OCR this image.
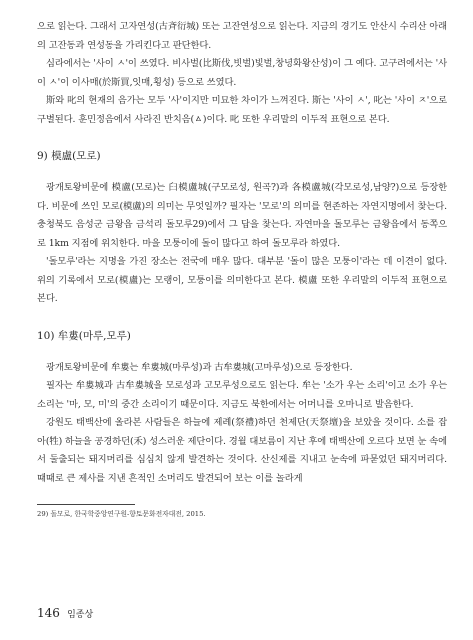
으로 읽는다. 그래서 고자연성(古斉衍城) 또는 고잔연성으로 읽는다. 지금의 경기도 안산시 수리산 아래의 고잔동과 연성동을 가리킨다고 판단한다.

심라에서는 '사이 ㅅ'이 쓰였다. 비사벌(比斯伐,빗벌)빛벌,창녕화왕산성)이 그 예다. 고구려에서는 '사이 ㅅ'이 이사매(於斯買,잇매,횡성) 등으로 쓰였다.

斯와 叱의 현재의 음가는 모두 '사'이지만 미묘한 차이가 느껴진다. 斯는 '사이 ㅅ', 叱는 '사이 ㅈ'으로 구별된다. 훈민정음에서 사라진 반치음(ㅿ)이다. 叱 또한 우리말의 이두적 표현으로 본다.

9) 模盧(모로)

광개토왕비문에 模盧(모로)는 臼模盧城(구모로성, 원곡?)과 各模盧城(각모로성,남양?)으로 등장한다. 비문에 쓰인 모로(模盧)의 의미는 무엇일까? 필자는 '모로'의 의미를 현존하는 자연지명에서 찾는다. 충청북도 음성군 금왕읍 금석리 돌모루29)에서 그 답을 찾는다. 자연마을 돌모루는 금왕읍에서 동쪽으로 1km 지점에 위치한다. 마을 모퉁이에 돌이 많다고 하여 돌모루라 하였다.

'돌모루'라는 지명을 가진 장소는 전국에 매우 많다. 대부분 '돌이 많은 모퉁이'라는 데 이견이 없다. 위의 기록에서 모로(模盧)는 모랭이, 모퉁이를 의미한다고 본다. 模盧 또한 우리말의 이두적 표현으로 본다.

10) 牟婁(마루,모루)

광개토왕비문에 牟婁는 牟婁城(마루성)과 古牟婁城(고마루성)으로 등장한다.

필자는 牟婁城과 古牟婁城을 모로성과 고모루성으로도 읽는다. 牟는 '소가 우는 소리'이고 소가 우는 소리는 '마, 모, 미'의 중간 소리이기 때문이다. 지금도 북한에서는 어머니를 오마니로 발음한다.

강원도 태백산에 올라본 사람들은 하늘에 제례(祭禮)하던 천제단(天祭壇)을 보았을 것이다. 소를 잡아(牲) 하늘을 공경하던(禾) 성스러운 제단이다. 경월 대보름이 지난 후에 태백산에 오르다 보면 눈 속에서 둘출되는 돼지머리를 심심치 않게 발견하는 것이다. 산신제를 지내고 눈속에 파묻었던 돼지머리다. 때때로 큰 제사를 지낸 흔적인 소머리도 발견되어 보는 이를 놀라게

29) 돌모로, 한국학중앙연구원-향토문화전자대전, 2015.

146 임종상
